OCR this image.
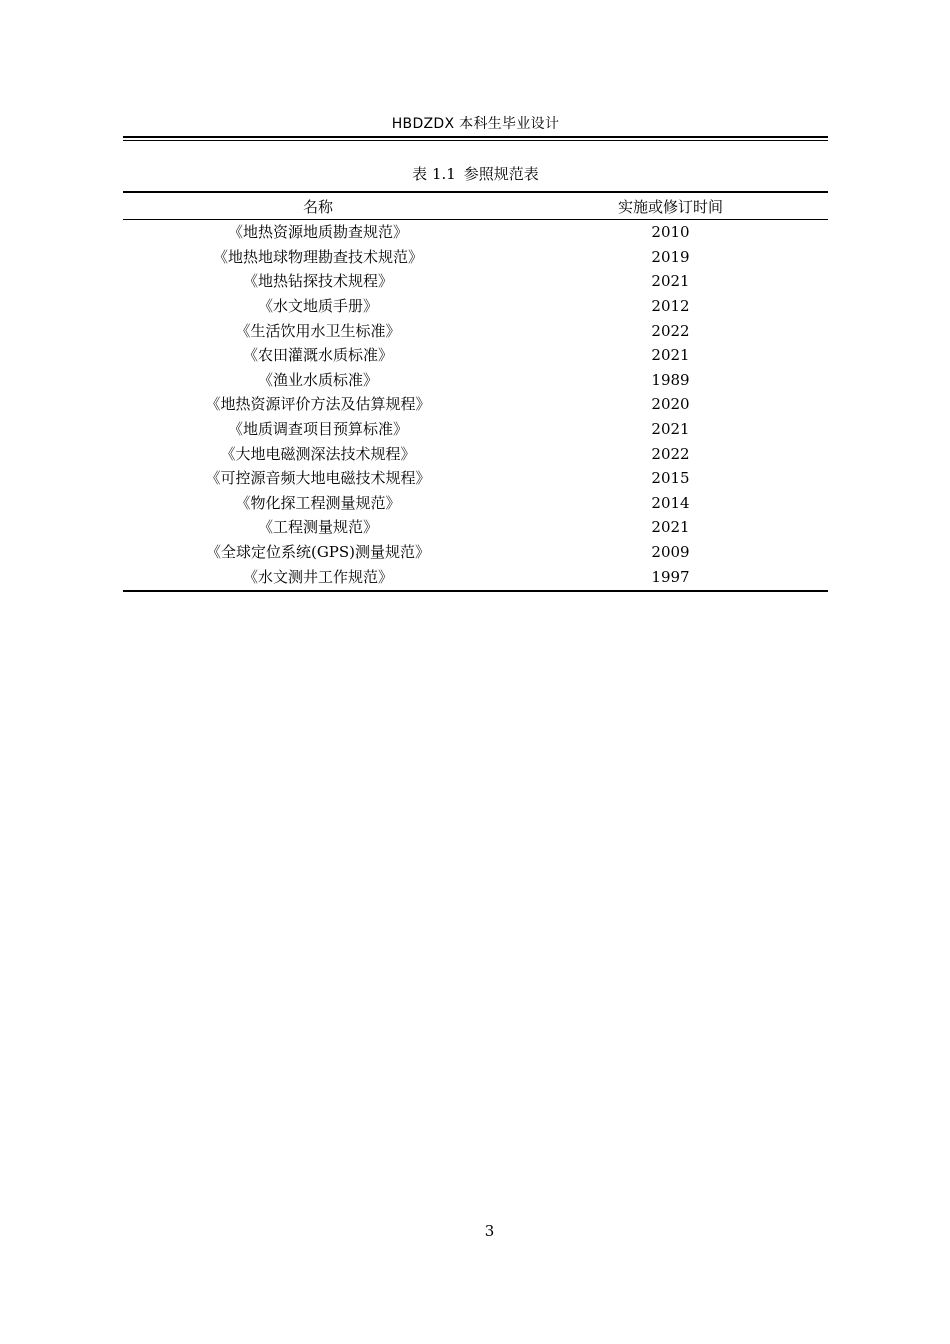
HBDZDX 本科生毕业设计
表 1.1 参照规范表
名称	实施或修订时间
《地热资源地质勘查规范》	2010
《地热地球物理勘查技术规范》	2019
《地热钻探技术规程》	2021
《水文地质手册》	2012
《生活饮用水卫生标准》	2022
《农田灌溉水质标准》	2021
《渔业水质标准》	1989
《地热资源评价方法及估算规程》	2020
《地质调查项目预算标准》	2021
《大地电磁测深法技术规程》	2022
《可控源音频大地电磁技术规程》	2015
《物化探工程测量规范》	2014
《工程测量规范》	2021
《全球定位系统(GPS)测量规范》	2009
《水文测井工作规范》	1997
3
